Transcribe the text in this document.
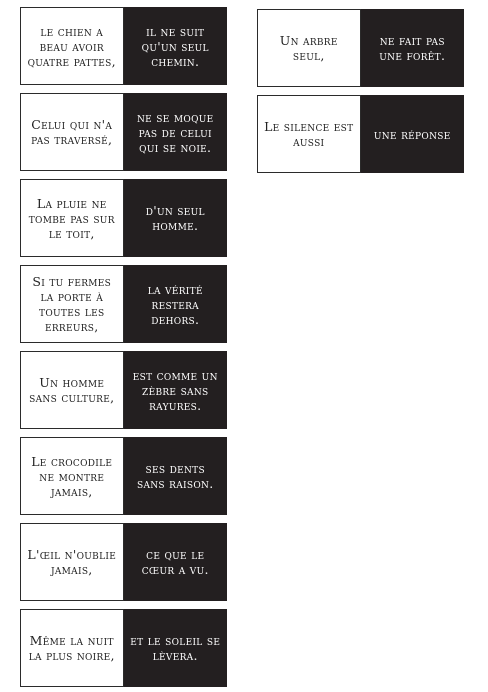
le chien a beau avoir quatre pattes,
il ne suit qu'un seul chemin.
Celui qui n'a pas traversé,
ne se moque pas de celui qui se noie.
La pluie ne tombe pas sur le toit,
d'un seul homme.
Si tu fermes la porte à toutes les erreurs,
la vérité restera dehors.
Un homme sans culture,
est comme un zèbre sans rayures.
Le crocodile ne montre jamais,
ses dents sans raison.
L'œil n'oublie jamais,
ce que le cœur a vu.
Même la nuit la plus noire,
et le soleil se lèvera.
Un arbre seul,
ne fait pas une forêt.
Le silence est aussi	une réponse
